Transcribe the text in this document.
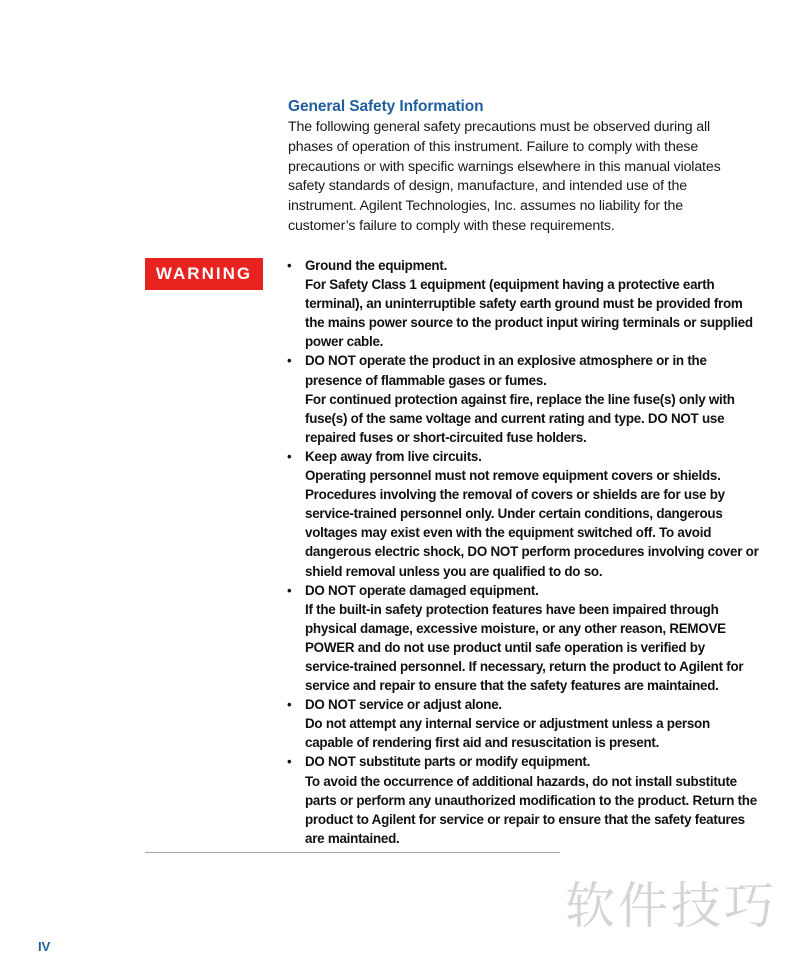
General Safety Information
The following general safety precautions must be observed during all
phases of operation of this instrument. Failure to comply with these
precautions or with specific warnings elsewhere in this manual violates
safety standards of design, manufacture, and intended use of the
instrument. Agilent Technologies, Inc. assumes no liability for the
customer’s failure to comply with these requirements.
WARNING	• Ground the equipment.
For Safety Class 1 equipment (equipment having a protective earth
terminal), an uninterruptible safety earth ground must be provided from
the mains power source to the product input wiring terminals or supplied
power cable.
• DO NOT operate the product in an explosive atmosphere or in the
presence of flammable gases or fumes.
For continued protection against fire, replace the line fuse(s) only with
fuse(s) of the same voltage and current rating and type. DO NOT use
repaired fuses or short-circuited fuse holders.
• Keep away from live circuits.
Operating personnel must not remove equipment covers or shields.
Procedures involving the removal of covers or shields are for use by
service-trained personnel only. Under certain conditions, dangerous
voltages may exist even with the equipment switched off. To avoid
dangerous electric shock, DO NOT perform procedures involving cover or
shield removal unless you are qualified to do so.
• DO NOT operate damaged equipment.
If the built-in safety protection features have been impaired through
physical damage, excessive moisture, or any other reason, REMOVE
POWER and do not use product until safe operation is verified by
service-trained personnel. If necessary, return the product to Agilent for
service and repair to ensure that the safety features are maintained.
• DO NOT service or adjust alone.
Do not attempt any internal service or adjustment unless a person
capable of rendering first aid and resuscitation is present.
• DO NOT substitute parts or modify equipment.
To avoid the occurrence of additional hazards, do not install substitute
parts or perform any unauthorized modification to the product. Return the
product to Agilent for service or repair to ensure that the safety features
are maintained.
软件技巧
IV
